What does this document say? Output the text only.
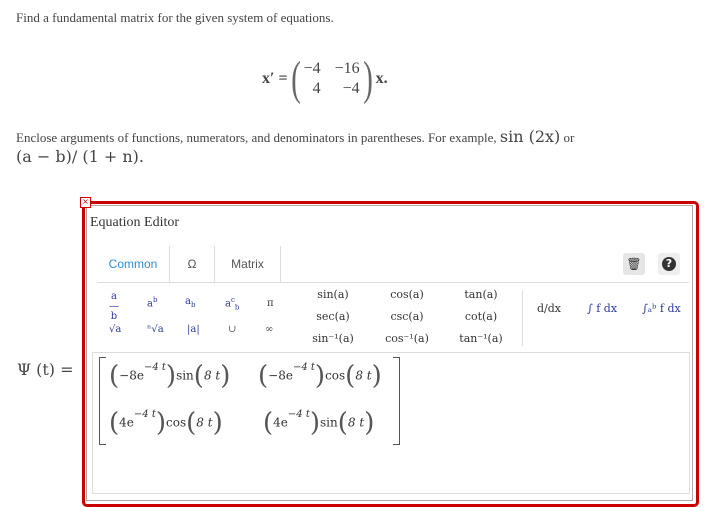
Find a fundamental matrix for the given system of equations.
x′ = ( −4 −16
4	−4 ) x.
Enclose arguments of functions, numerators, and denominators in parentheses. For example, sin (2x) or
(a − b)/ (1 + n).
Ψ (t) =
×
Equation Editor
Common	Ω	Matrix	🗑	?
a
—
b
$a^b$	$a_b$	$a^c_b$	π
√a	ⁿ√a |a|	∪	∞
sin(a)	cos(a)	tan(a)
sec(a)	csc(a)	cot(a)
sin⁻¹(a)	cos⁻¹(a)	tan⁻¹(a)
d/dx ∫ f dx ∫ₐᵇ f dx
$(-8e^{-4 t})\sin(8$ t) $(-8e^{-4 t})\cos(8$ t)
$(4e^{-4 t})\cos(8$ t) $(4e^{-4 t})\sin(8$ t)
